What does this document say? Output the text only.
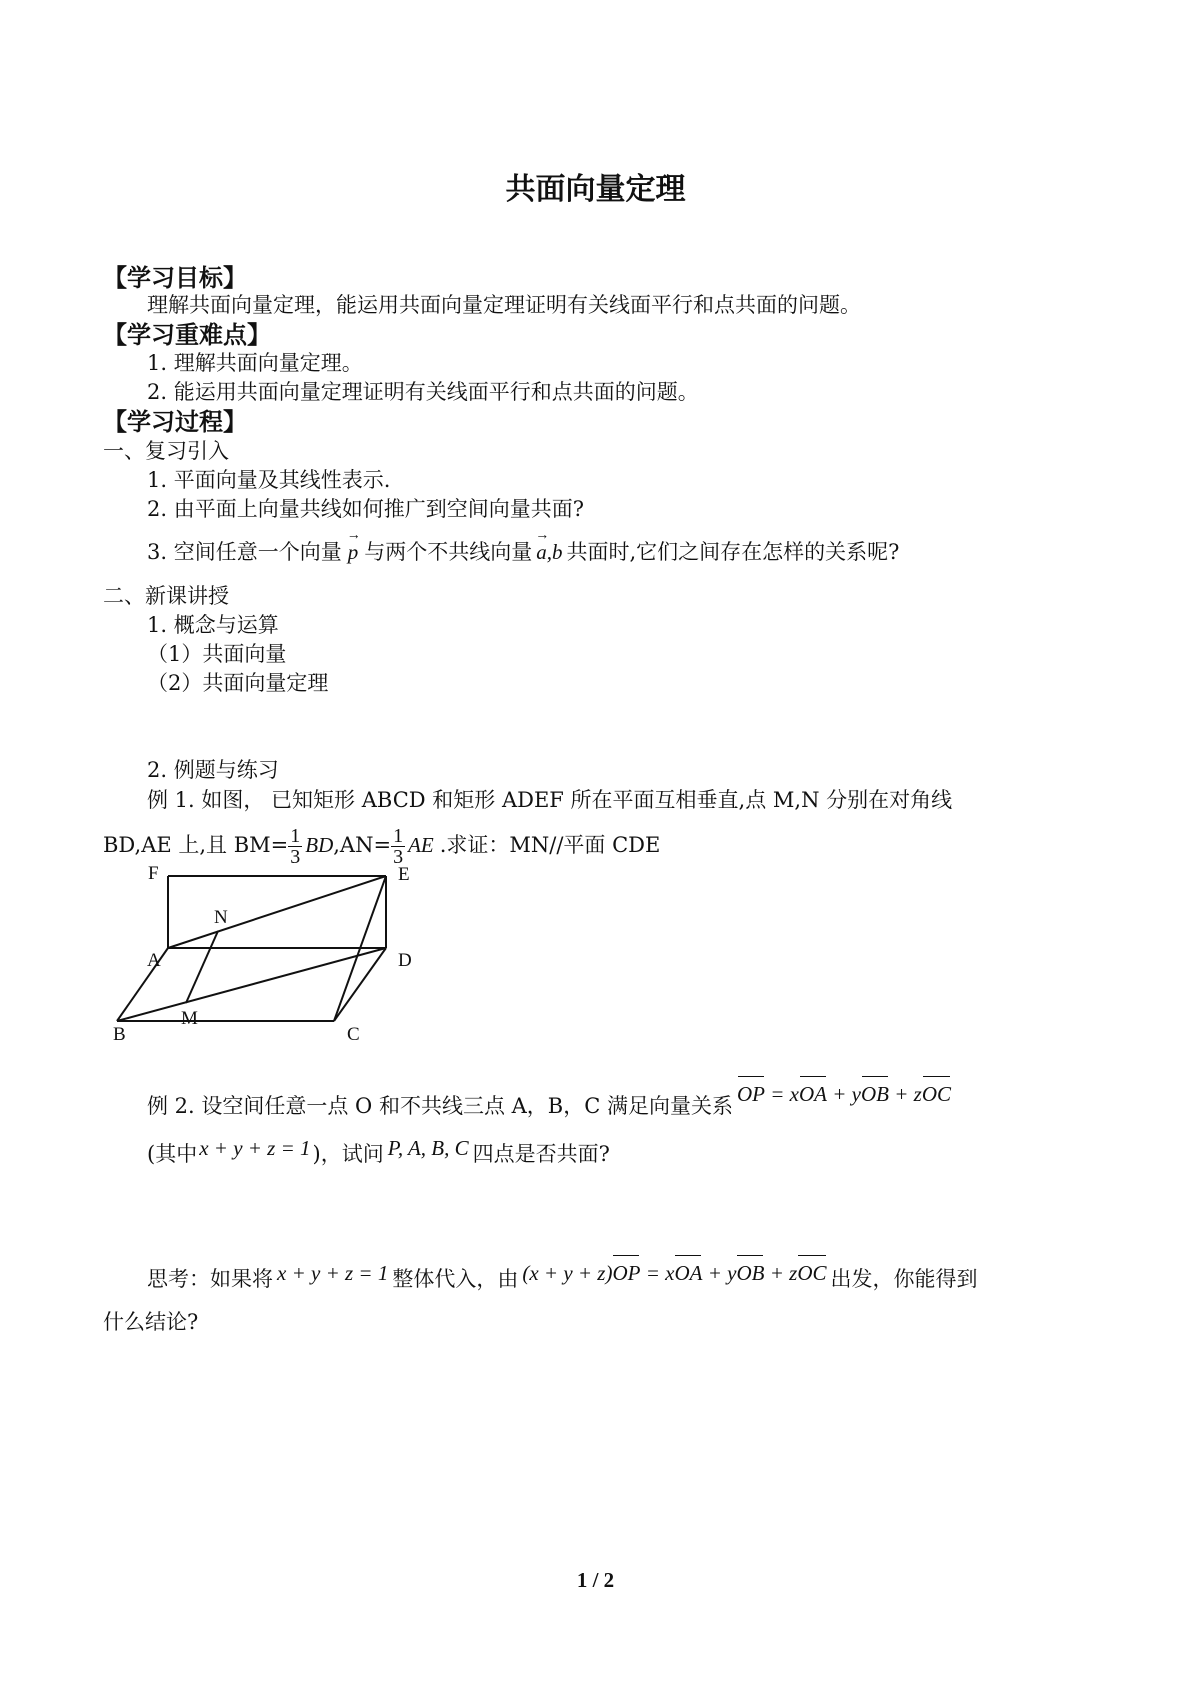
共面向量定理
【学习目标】
理解共面向量定理，能运用共面向量定理证明有关线面平行和点共面的问题。
【学习重难点】
1. 理解共面向量定理。
2. 能运用共面向量定理证明有关线面平行和点共面的问题。
【学习过程】
一、复习引入
1. 平面向量及其线性表示.
2. 由平面上向量共线如何推广到空间向量共面?
3. 空间任意一个向量 → p 与两个不共线向量 → a,b 共面时,它们之间存在怎样的关系呢?
二、新课讲授
1. 概念与运算
（1）共面向量
（2）共面向量定理
2. 例题与练习
例 1. 如图， 已知矩形 ABCD 和矩形 ADEF 所在平面互相垂直,点 M,N 分别在对角线
BD,AE 上,且 $BM= \frac{1}{3} BD,AN= \frac{1}{3}$ AE .求证：MN//平面 CDE
F	E
N
A	D
B
M
C
例 2. 设空间任意一点 O 和不共线三点 A，B，C 满足向量关系 OP = xOA + yOB + zOC
(其中x + y + z = 1)，试问 P, A, B, C 四点是否共面?
思考：如果将 x + y + z = 1 整体代入，由 (x + y + z)OP = xOA + yOB + zOC 出发，你能得到
什么结论?
1 / 2
